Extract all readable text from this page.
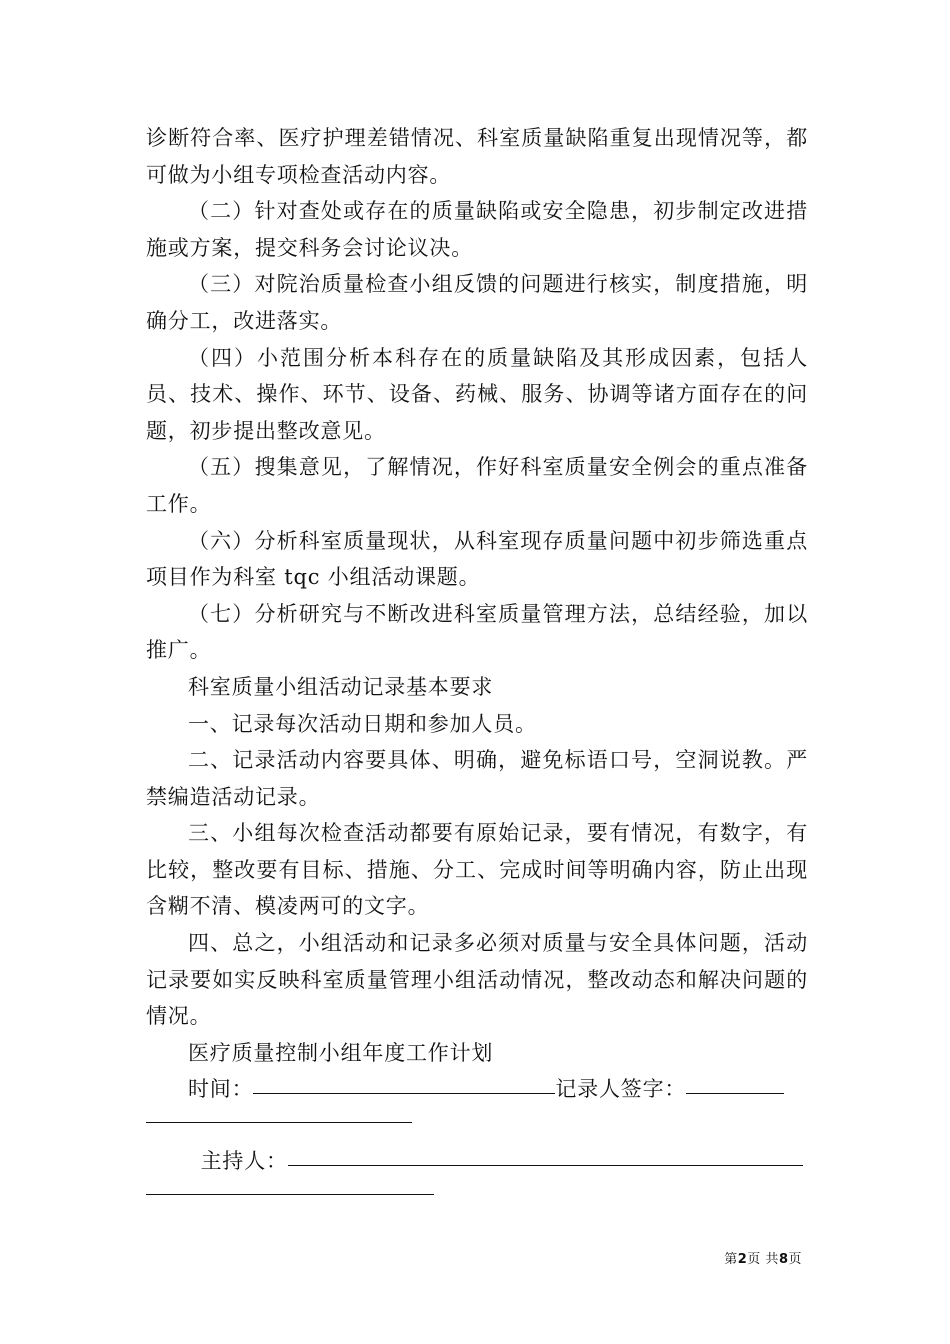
诊断符合率、医疗护理差错情况、科室质量缺陷重复出现情况等，都可做为小组专项检查活动内容。

（二）针对查处或存在的质量缺陷或安全隐患，初步制定改进措施或方案，提交科务会讨论议决。

（三）对院治质量检查小组反馈的问题进行核实，制度措施，明确分工，改进落实。

（四）小范围分析本科存在的质量缺陷及其形成因素，包括人员、技术、操作、环节、设备、药械、服务、协调等诸方面存在的问题，初步提出整改意见。

（五）搜集意见，了解情况，作好科室质量安全例会的重点准备工作。

（六）分析科室质量现状，从科室现存质量问题中初步筛选重点项目作为科室 tqc 小组活动课题。

（七）分析研究与不断改进科室质量管理方法，总结经验，加以推广。

科室质量小组活动记录基本要求

一、记录每次活动日期和参加人员。

二、记录活动内容要具体、明确，避免标语口号，空洞说教。严禁编造活动记录。

三、小组每次检查活动都要有原始记录，要有情况，有数字，有比较，整改要有目标、措施、分工、完成时间等明确内容，防止出现含糊不清、模凌两可的文字。

四、总之，小组活动和记录多必须对质量与安全具体问题，活动记录要如实反映科室质量管理小组活动情况，整改动态和解决问题的情况。

医疗质量控制小组年度工作计划

时间：	记录人签字：
主持人：
第2页 共8页
